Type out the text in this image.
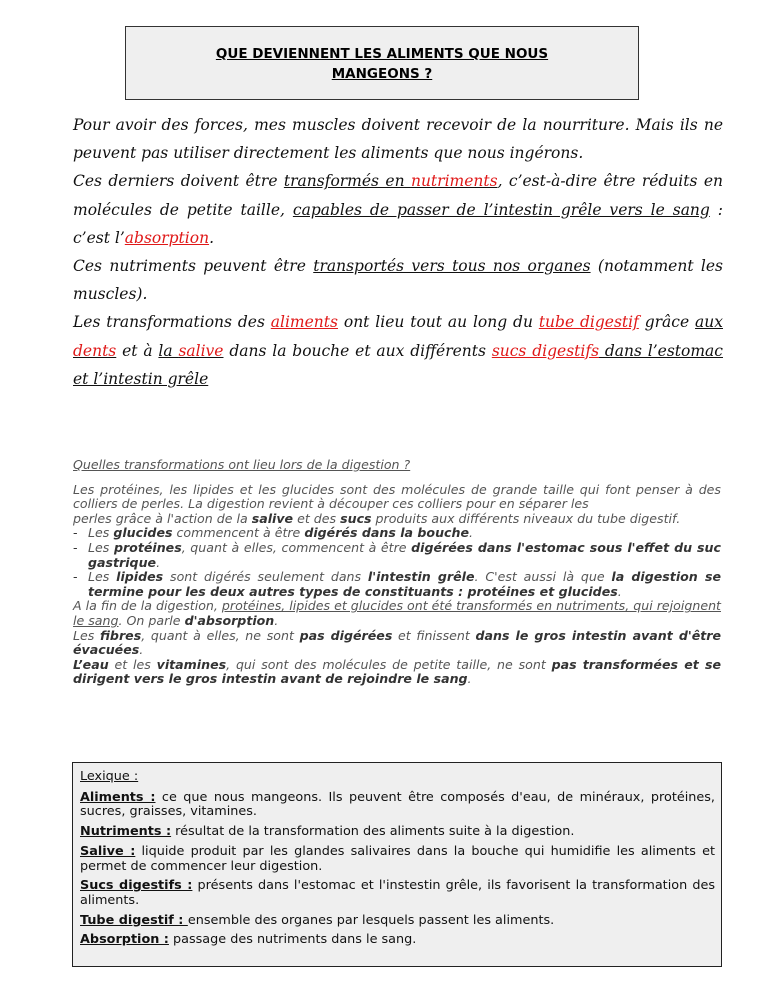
QUE DEVIENNENT LES ALIMENTS QUE NOUS
MANGEONS ?

Pour avoir des forces, mes muscles doivent recevoir de la nourriture. Mais ils ne peuvent pas utiliser directement les aliments que nous ingérons.

Ces derniers doivent être transformés en nutriments, c’est-à-dire être réduits en molécules de petite taille, capables de passer de l’intestin grêle vers le sang : c’est l’absorption.

Ces nutriments peuvent être transportés vers tous nos organes (notamment les muscles).

Les transformations des aliments ont lieu tout au long du tube digestif grâce aux dents et à la salive dans la bouche et aux différents sucs digestifs dans l’estomac et l’intestin grêle

Quelles transformations ont lieu lors de la digestion ?

Les protéines, les lipides et les glucides sont des molécules de grande taille qui font penser à des colliers de perles. La digestion revient à découper ces colliers pour en séparer les

perles grâce à l'action de la salive et des sucs produits aux différents niveaux du tube digestif.

- Les glucides commencent à être digérés dans la bouche.
- Les protéines, quant à elles, commencent à être digérées dans l'estomac sous l'effet du suc gastrique.
- Les lipides sont digérés seulement dans l'intestin grêle. C'est aussi là que la digestion se termine pour les deux autres types de constituants : protéines et glucides.

A la fin de la digestion, protéines, lipides et glucides ont été transformés en nutriments, qui rejoignent le sang. On parle d'absorption.

Les fibres, quant à elles, ne sont pas digérées et finissent dans le gros intestin avant d'être évacuées.

L’eau et les vitamines, qui sont des molécules de petite taille, ne sont pas transformées et se dirigent vers le gros intestin avant de rejoindre le sang.

Lexique :
Aliments : ce que nous mangeons. Ils peuvent être composés d'eau, de minéraux, protéines, sucres, graisses, vitamines.
Nutriments : résultat de la transformation des aliments suite à la digestion.
Salive : liquide produit par les glandes salivaires dans la bouche qui humidifie les aliments et permet de commencer leur digestion.
Sucs digestifs : présents dans l'estomac et l'instestin grêle, ils favorisent la transformation des aliments.
Tube digestif : ensemble des organes par lesquels passent les aliments.
Absorption : passage des nutriments dans le sang.
